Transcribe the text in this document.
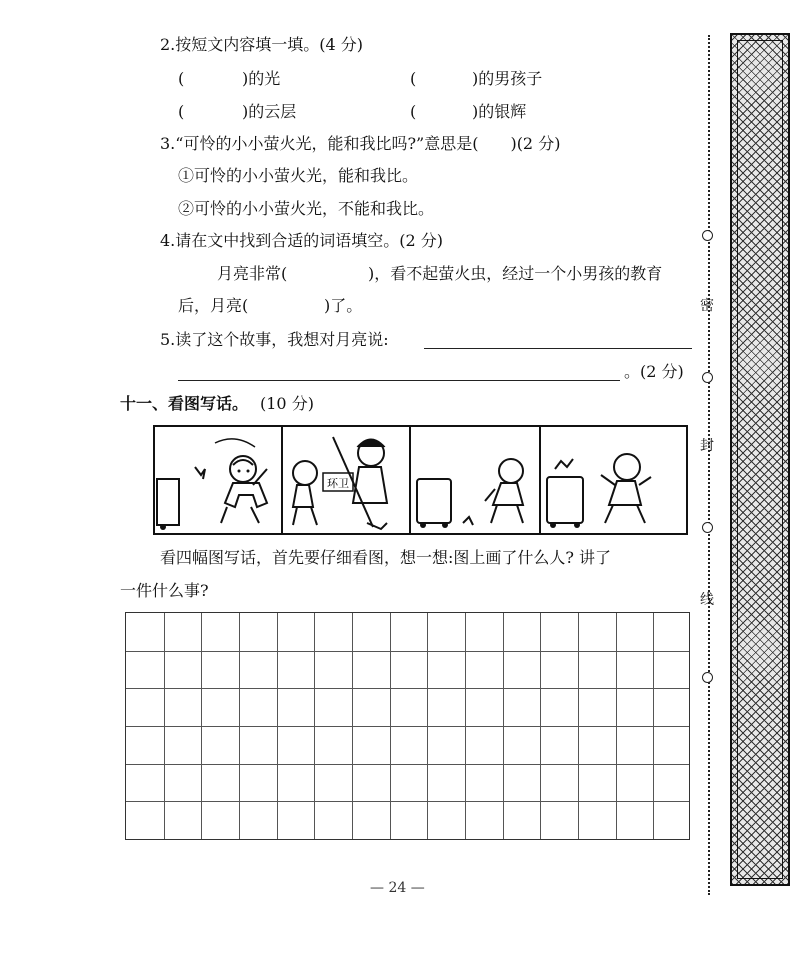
2.按短文内容填一填。(4 分)
(	)的光	(	)的男孩子
(	)的云层	(	)的银辉
3.“可怜的小小萤火光，能和我比吗?”意思是(　　)(2 分)
①可怜的小小萤火光，能和我比。
②可怜的小小萤火光，不能和我比。
4.请在文中找到合适的词语填空。(2 分)
月亮非常(	)，看不起萤火虫，经过一个小男孩的教育
后，月亮(	)了。
5.读了这个故事，我想对月亮说:
。(2 分)
十一、看图写话。 (10 分)
环卫
看四幅图写话，首先要仔细看图，想一想:图上画了什么人? 讲了
一件什么事?
密
封
线
— 24 —
